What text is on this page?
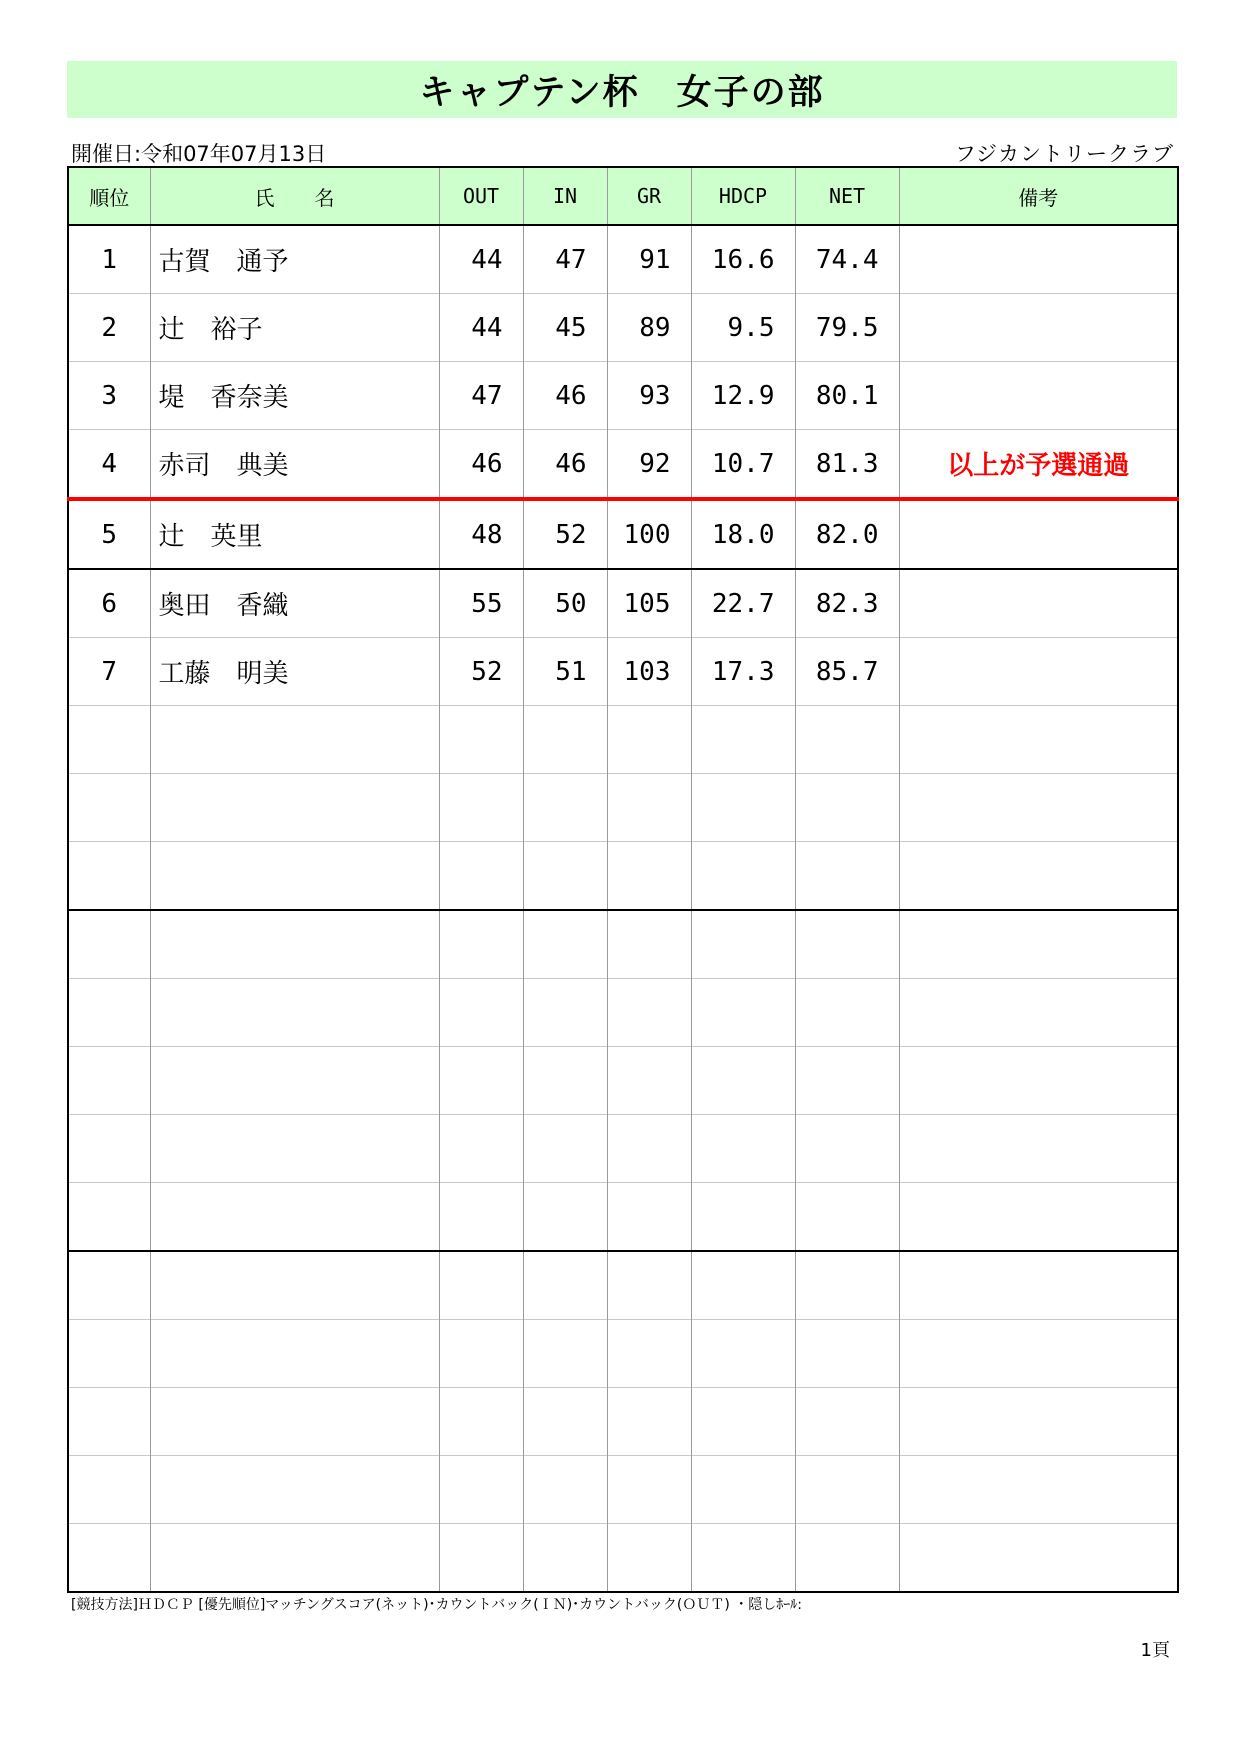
キャプテン杯　女子の部
開催日:令和07年07月13日	フジカントリークラブ
順位	氏　　名	OUT	IN	GR	HDCP	NET	備考
1	古賀　通予	44	47	91	16.6	74.4	
2	辻　裕子	44	45	89	9.5	79.5	
3	堤　香奈美	47	46	93	12.9	80.1	
4	赤司　典美	46	46	92	10.7	81.3	以上が予選通過
5	辻　英里	48	52	100	18.0	82.0	
6	奥田　香織	55	50	105	22.7	82.3	
7	工藤　明美	52	51	103	17.3	85.7	

[競技方法]ＨＤＣＰ [優先順位]マッチングスコア(ネット)･カウントバック(ＩＮ)･カウントバック(ＯＵＴ) ・隠しﾎｰﾙ:
1頁
